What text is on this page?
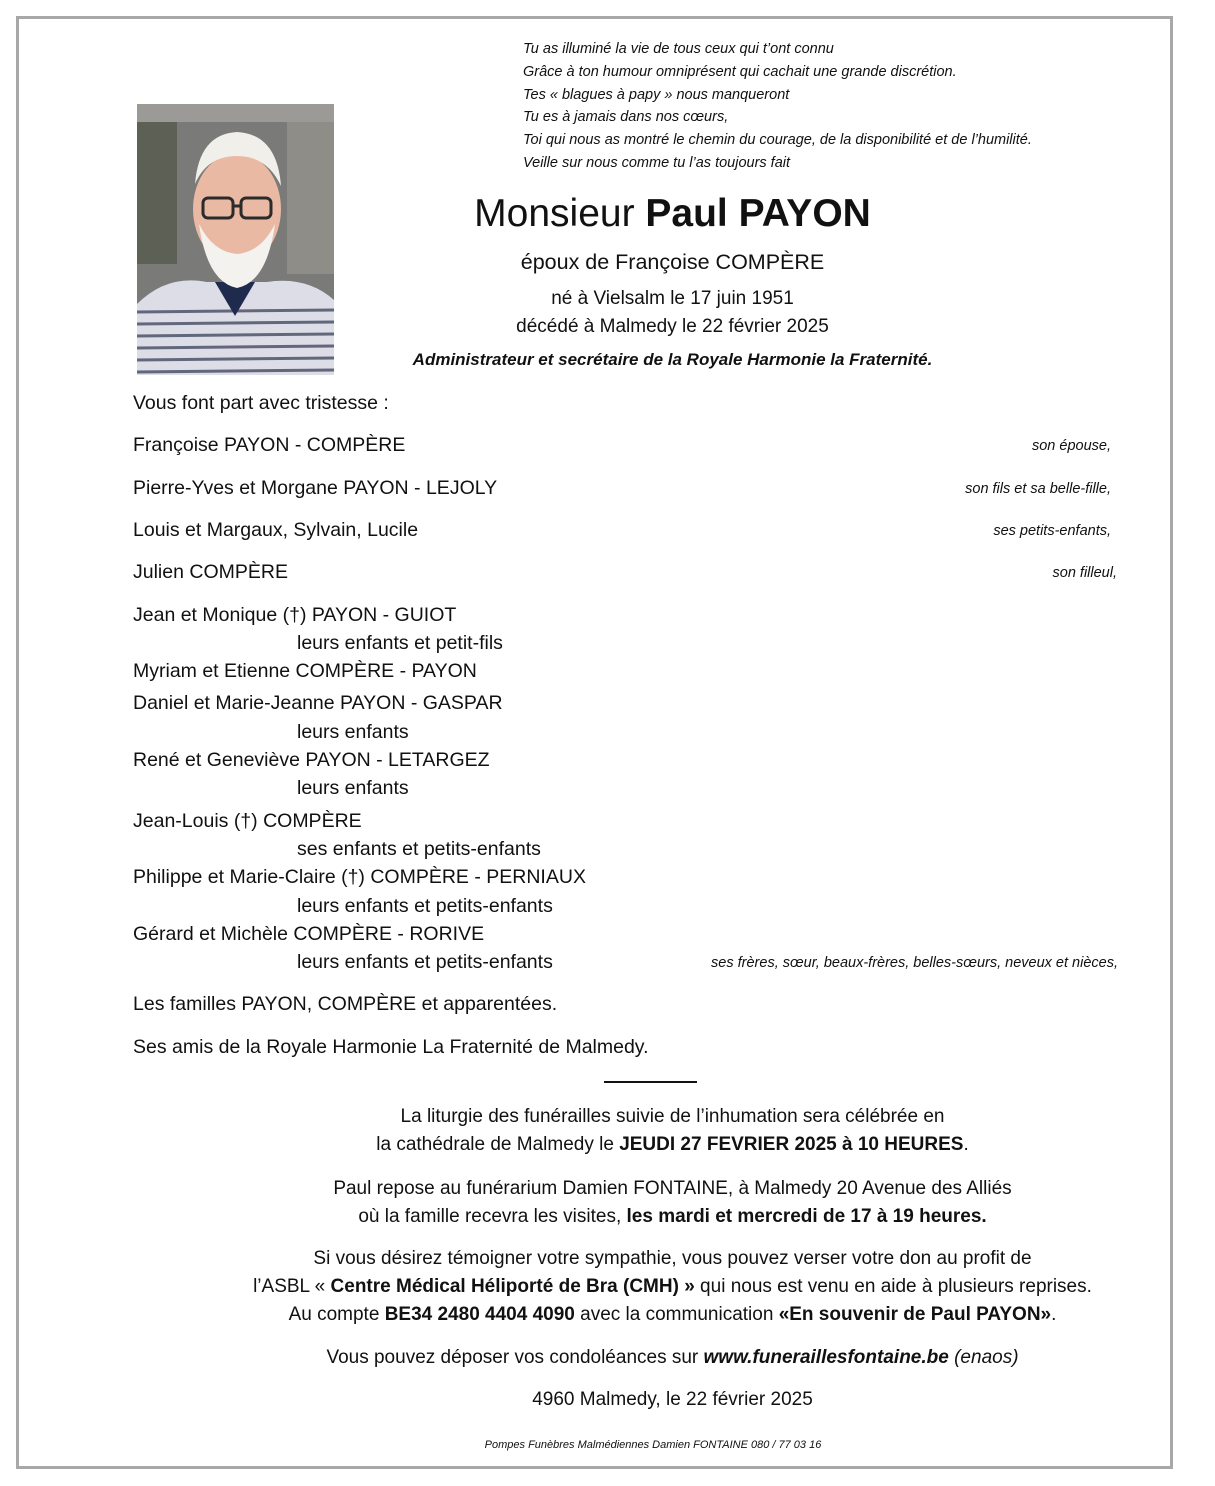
Tu as illuminé la vie de tous ceux qui t’ont connu
Grâce à ton humour omniprésent qui cachait une grande discrétion.
Tes « blagues à papy » nous manqueront
Tu es à jamais dans nos cœurs,
Toi qui nous as montré le chemin du courage, de la disponibilité et de l’humilité.
Veille sur nous comme tu l’as toujours fait
Monsieur Paul PAYON
époux de Françoise COMPÈRE
né à Vielsalm le 17 juin 1951
décédé à Malmedy le 22 février 2025
Administrateur et secrétaire de la Royale Harmonie la Fraternité.
Vous font part avec tristesse :
Françoise PAYON - COMPÈRE	son épouse,
Pierre-Yves et Morgane PAYON - LEJOLY	son fils et sa belle-fille,
Louis et Margaux, Sylvain, Lucile	ses petits-enfants,
Julien COMPÈRE	son filleul,
Jean et Monique (†) PAYON - GUIOT
leurs enfants et petit-fils
Myriam et Etienne COMPÈRE - PAYON
Daniel et Marie-Jeanne PAYON - GASPAR
leurs enfants
René et Geneviève PAYON - LETARGEZ
leurs enfants
Jean-Louis (†) COMPÈRE
ses enfants et petits-enfants
Philippe et Marie-Claire (†) COMPÈRE - PERNIAUX
leurs enfants et petits-enfants
Gérard et Michèle COMPÈRE - RORIVE
leurs enfants et petits-enfants	ses frères, sœur, beaux-frères, belles-sœurs, neveux et nièces,
Les familles PAYON, COMPÈRE et apparentées.
Ses amis de la Royale Harmonie La Fraternité de Malmedy.
La liturgie des funérailles suivie de l’inhumation sera célébrée en
la cathédrale de Malmedy le JEUDI 27 FEVRIER 2025 à 10 HEURES.
Paul repose au funérarium Damien FONTAINE, à Malmedy 20 Avenue des Alliés
où la famille recevra les visites, les mardi et mercredi de 17 à 19 heures.
Si vous désirez témoigner votre sympathie, vous pouvez verser votre don au profit de
l’ASBL « Centre Médical Héliporté de Bra (CMH) » qui nous est venu en aide à plusieurs reprises.
Au compte BE34 2480 4404 4090 avec la communication «En souvenir de Paul PAYON».
Vous pouvez déposer vos condoléances sur www.funeraillesfontaine.be (enaos)
4960 Malmedy, le 22 février 2025
Pompes Funèbres Malmédiennes Damien FONTAINE 080 / 77 03 16
